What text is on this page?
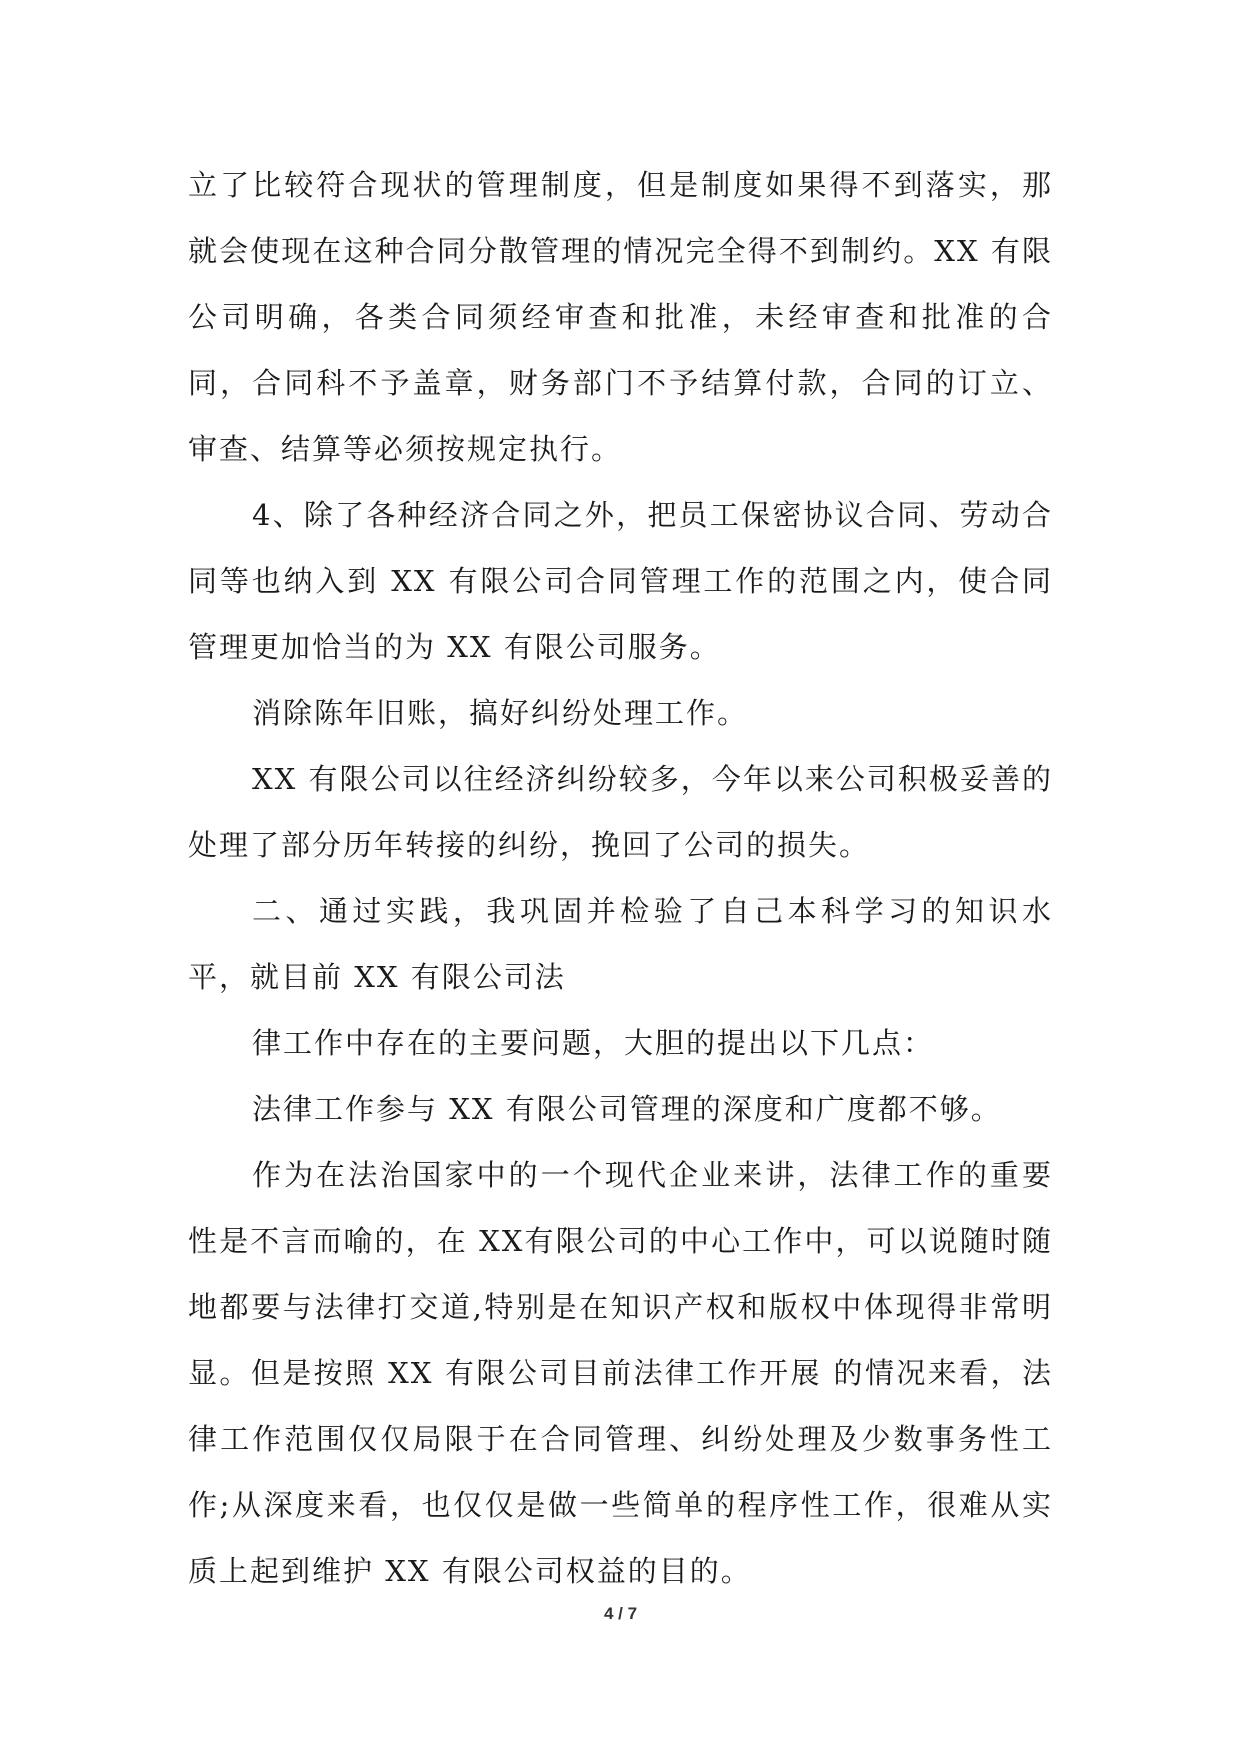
立了比较符合现状的管理制度，但是制度如果得不到落实，那就会使现在这种合同分散管理的情况完全得不到制约。XX 有限公司明确，各类合同须经审查和批准，未经审查和批准的合同，合同科不予盖章，财务部门不予结算付款，合同的订立、审查、结算等必须按规定执行。

4、除了各种经济合同之外，把员工保密协议合同、劳动合同等也纳入到 XX 有限公司合同管理工作的范围之内，使合同管理更加恰当的为 XX 有限公司服务。

消除陈年旧账，搞好纠纷处理工作。

XX 有限公司以往经济纠纷较多，今年以来公司积极妥善的处理了部分历年转接的纠纷，挽回了公司的损失。

二、通过实践，我巩固并检验了自己本科学习的知识水平，就目前 XX 有限公司法

律工作中存在的主要问题，大胆的提出以下几点：

法律工作参与 XX 有限公司管理的深度和广度都不够。

作为在法治国家中的一个现代企业来讲，法律工作的重要性是不言而喻的，在 XX有限公司的中心工作中，可以说随时随地都要与法律打交道,特别是在知识产权和版权中体现得非常明显。但是按照 XX 有限公司目前法律工作开展 的情况来看，法律工作范围仅仅局限于在合同管理、纠纷处理及少数事务性工作;从深度来看，也仅仅是做一些简单的程序性工作，很难从实质上起到维护 XX 有限公司权益的目的。

4 / 7
